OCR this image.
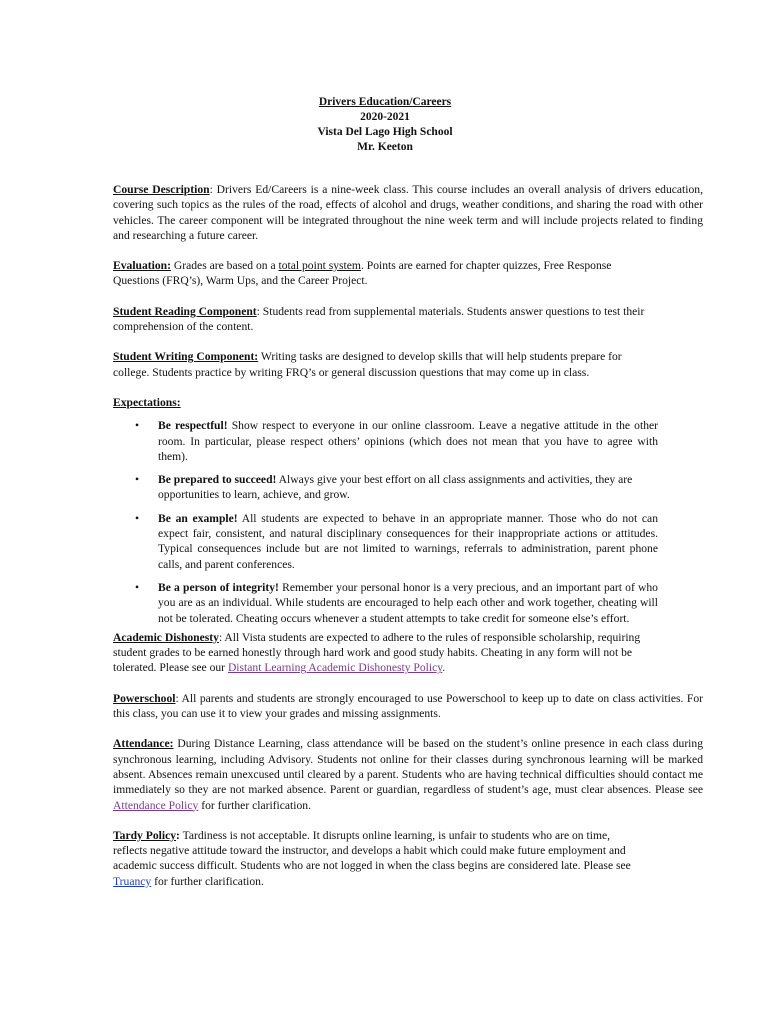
Drivers Education/Careers
2020-2021
Vista Del Lago High School
Mr. Keeton

Course Description: Drivers Ed/Careers is a nine-week class. This course includes an overall analysis of drivers education, covering such topics as the rules of the road, effects of alcohol and drugs, weather conditions, and sharing the road with other vehicles. The career component will be integrated throughout the nine week term and will include projects related to finding and researching a future career.

Evaluation: Grades are based on a total point system. Points are earned for chapter quizzes, Free Response Questions (FRQ’s), Warm Ups, and the Career Project.

Student Reading Component: Students read from supplemental materials. Students answer questions to test their comprehension of the content.

Student Writing Component: Writing tasks are designed to develop skills that will help students prepare for college. Students practice by writing FRQ’s or general discussion questions that may come up in class.

Expectations:
• Be respectful! Show respect to everyone in our online classroom. Leave a negative attitude in the other room. In particular, please respect others’ opinions (which does not mean that you have to agree with them).
• Be prepared to succeed! Always give your best effort on all class assignments and activities, they are opportunities to learn, achieve, and grow.
• Be an example! All students are expected to behave in an appropriate manner. Those who do not can expect fair, consistent, and natural disciplinary consequences for their inappropriate actions or attitudes. Typical consequences include but are not limited to warnings, referrals to administration, parent phone calls, and parent conferences.
• Be a person of integrity! Remember your personal honor is a very precious, and an important part of who you are as an individual. While students are encouraged to help each other and work together, cheating will not be tolerated. Cheating occurs whenever a student attempts to take credit for someone else’s effort.

Academic Dishonesty: All Vista students are expected to adhere to the rules of responsible scholarship, requiring student grades to be earned honestly through hard work and good study habits. Cheating in any form will not be tolerated. Please see our Distant Learning Academic Dishonesty Policy.

Powerschool: All parents and students are strongly encouraged to use Powerschool to keep up to date on class activities. For this class, you can use it to view your grades and missing assignments.

Attendance: During Distance Learning, class attendance will be based on the student’s online presence in each class during synchronous learning, including Advisory. Students not online for their classes during synchronous learning will be marked absent. Absences remain unexcused until cleared by a parent. Students who are having technical difficulties should contact me immediately so they are not marked absence. Parent or guardian, regardless of student’s age, must clear absences. Please see Attendance Policy for further clarification.

Tardy Policy: Tardiness is not acceptable. It disrupts online learning, is unfair to students who are on time, reflects negative attitude toward the instructor, and develops a habit which could make future employment and academic success difficult. Students who are not logged in when the class begins are considered late. Please see Truancy for further clarification.
